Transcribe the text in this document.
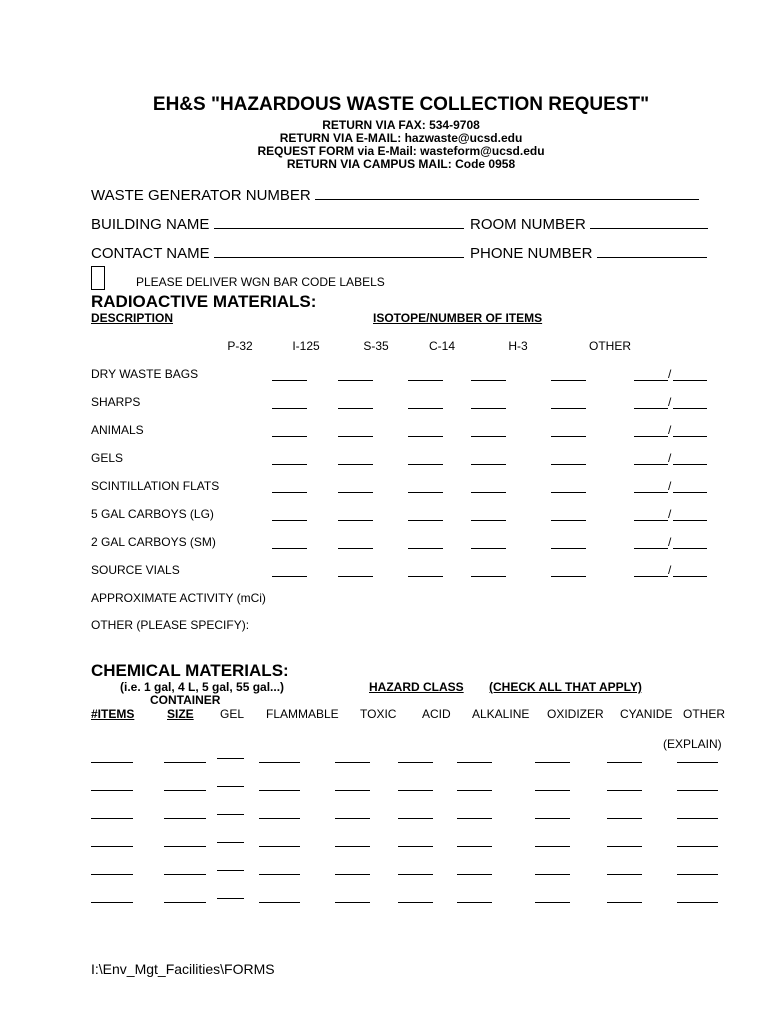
EH&S "HAZARDOUS WASTE COLLECTION REQUEST"
RETURN VIA FAX: 534-9708
RETURN VIA E-MAIL: hazwaste@ucsd.edu
REQUEST FORM via E-Mail: wasteform@ucsd.edu
RETURN VIA CAMPUS MAIL: Code 0958
WASTE GENERATOR NUMBER
BUILDING NAME	ROOM NUMBER
CONTACT NAME	PHONE NUMBER
PLEASE DELIVER WGN BAR CODE LABELS
RADIOACTIVE MATERIALS:
DESCRIPTION	ISOTOPE/NUMBER OF ITEMS
P-32	I-125	S-35	C-14	H-3	OTHER
DRY WASTE BAGS	/
SHARPS	/
ANIMALS	/
GELS	/
SCINTILLATION FLATS	/
5 GAL CARBOYS (LG)	/
2 GAL CARBOYS (SM)	/
SOURCE VIALS	/
APPROXIMATE ACTIVITY (mCi)
OTHER (PLEASE SPECIFY):
CHEMICAL MATERIALS:
(i.e. 1 gal, 4 L, 5 gal, 55 gal...)
CONTAINER
HAZARD CLASS (CHECK ALL THAT APPLY)
#ITEMS	SIZE GEL FLAMMABLE TOXIC ACID ALKALINE OXIDIZER CYANIDE OTHER
(EXPLAIN)
I:\Env_Mgt_Facilities\FORMS
